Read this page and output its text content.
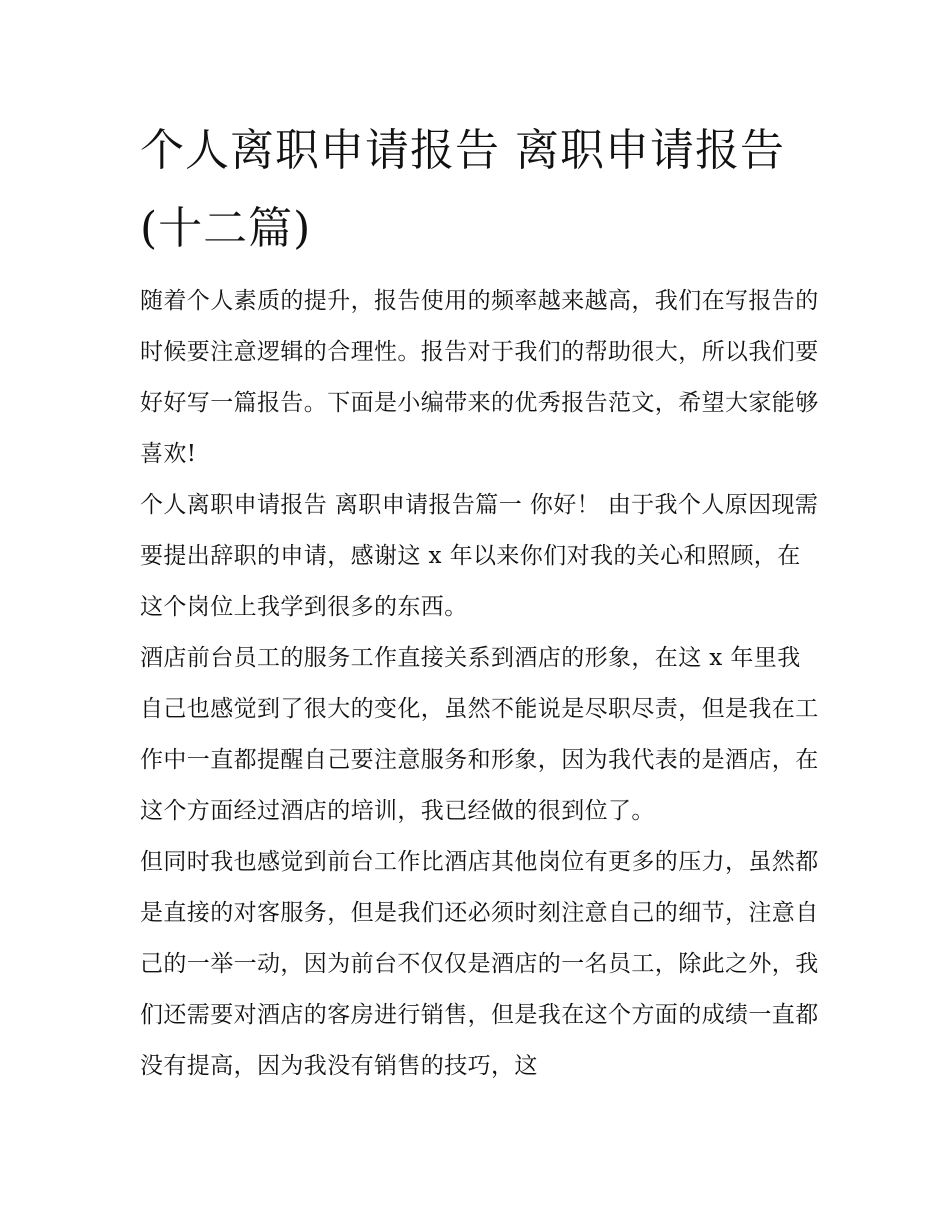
个人离职申请报告 离职申请报告(十二篇)

随着个人素质的提升，报告使用的频率越来越高，我们在写报告的时候要注意逻辑的合理性。报告对于我们的帮助很大，所以我们要好好写一篇报告。下面是小编带来的优秀报告范文，希望大家能够喜欢!

个人离职申请报告 离职申请报告篇一 你好！ 由于我个人原因现需要提出辞职的申请，感谢这 x 年以来你们对我的关心和照顾，在这个岗位上我学到很多的东西。

酒店前台员工的服务工作直接关系到酒店的形象，在这 x 年里我自己也感觉到了很大的变化，虽然不能说是尽职尽责，但是我在工作中一直都提醒自己要注意服务和形象，因为我代表的是酒店，在这个方面经过酒店的培训，我已经做的很到位了。

但同时我也感觉到前台工作比酒店其他岗位有更多的压力，虽然都是直接的对客服务，但是我们还必须时刻注意自己的细节，注意自己的一举一动，因为前台不仅仅是酒店的一名员工，除此之外，我们还需要对酒店的客房进行销售，但是我在这个方面的成绩一直都没有提高，因为我没有销售的技巧，这
